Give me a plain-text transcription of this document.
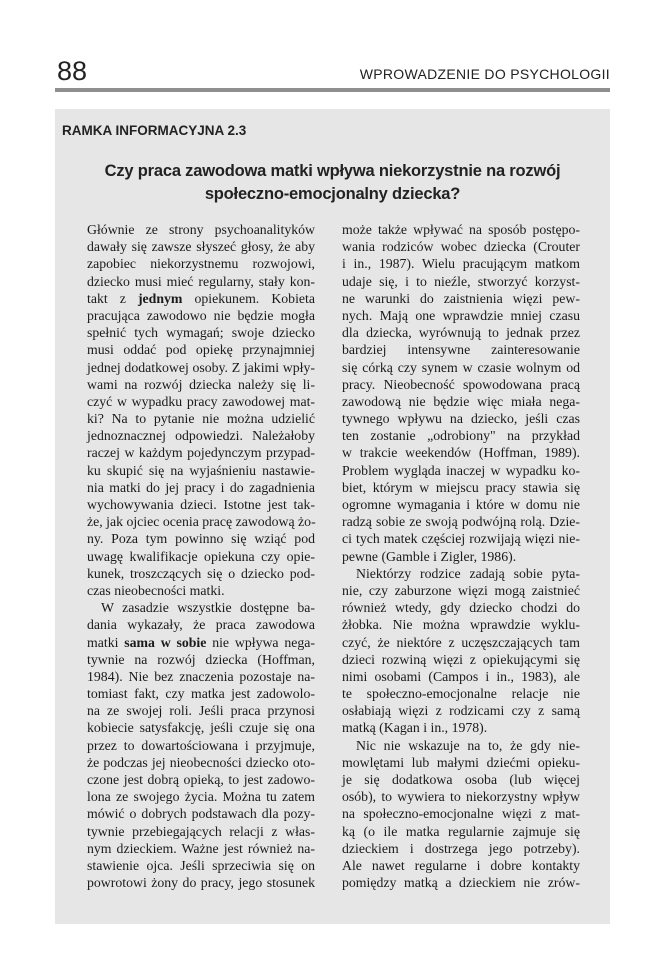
88	WPROWADZENIE DO PSYCHOLOGII
RAMKA INFORMACYJNA 2.3
Czy praca zawodowa matki wpływa niekorzystnie na rozwój
społeczno-emocjonalny dziecka?
Głównie ze strony psychoanalityków
dawały się zawsze słyszeć głosy, że aby
zapobiec niekorzystnemu rozwojowi,
dziecko musi mieć regularny, stały kon-
takt z jednym opiekunem. Kobieta
pracująca zawodowo nie będzie mogła
spełnić tych wymagań; swoje dziecko
musi oddać pod opiekę przynajmniej
jednej dodatkowej osoby. Z jakimi wpły-
wami na rozwój dziecka należy się li-
czyć w wypadku pracy zawodowej mat-
ki? Na to pytanie nie można udzielić
jednoznacznej odpowiedzi. Należałoby
raczej w każdym pojedynczym przypad-
ku skupić się na wyjaśnieniu nastawie-
nia matki do jej pracy i do zagadnienia
wychowywania dzieci. Istotne jest tak-
że, jak ojciec ocenia pracę zawodową żo-
ny. Poza tym powinno się wziąć pod
uwagę kwalifikacje opiekuna czy opie-
kunek, troszczących się o dziecko pod-
czas nieobecności matki.
W zasadzie wszystkie dostępne ba-
dania wykazały, że praca zawodowa
matki sama w sobie nie wpływa nega-
tywnie na rozwój dziecka (Hoffman,
1984). Nie bez znaczenia pozostaje na-
tomiast fakt, czy matka jest zadowolo-
na ze swojej roli. Jeśli praca przynosi
kobiecie satysfakcję, jeśli czuje się ona
przez to dowartościowana i przyjmuje,
że podczas jej nieobecności dziecko oto-
czone jest dobrą opieką, to jest zadowo-
lona ze swojego życia. Można tu zatem
mówić o dobrych podstawach dla pozy-
tywnie przebiegających relacji z włas-
nym dzieckiem. Ważne jest również na-
stawienie ojca. Jeśli sprzeciwia się on
powrotowi żony do pracy, jego stosunek
może także wpływać na sposób postępo-
wania rodziców wobec dziecka (Crouter
i in., 1987). Wielu pracującym matkom
udaje się, i to nieźle, stworzyć korzyst-
ne warunki do zaistnienia więzi pew-
nych. Mają one wprawdzie mniej czasu
dla dziecka, wyrównują to jednak przez
bardziej intensywne zainteresowanie
się córką czy synem w czasie wolnym od
pracy. Nieobecność spowodowana pracą
zawodową nie będzie więc miała nega-
tywnego wpływu na dziecko, jeśli czas
ten zostanie „odrobiony" na przykład
w trakcie weekendów (Hoffman, 1989).
Problem wygląda inaczej w wypadku ko-
biet, którym w miejscu pracy stawia się
ogromne wymagania i które w domu nie
radzą sobie ze swoją podwójną rolą. Dzie-
ci tych matek częściej rozwijają więzi nie-
pewne (Gamble i Zigler, 1986).
Niektórzy rodzice zadają sobie pyta-
nie, czy zaburzone więzi mogą zaistnieć
również wtedy, gdy dziecko chodzi do
żłobka. Nie można wprawdzie wyklu-
czyć, że niektóre z uczęszczających tam
dzieci rozwiną więzi z opiekującymi się
nimi osobami (Campos i in., 1983), ale
te społeczno-emocjonalne relacje nie
osłabiają więzi z rodzicami czy z samą
matką (Kagan i in., 1978).
Nic nie wskazuje na to, że gdy nie-
mowlętami lub małymi dziećmi opieku-
je się dodatkowa osoba (lub więcej
osób), to wywiera to niekorzystny wpływ
na społeczno-emocjonalne więzi z mat-
ką (o ile matka regularnie zajmuje się
dzieckiem i dostrzega jego potrzeby).
Ale nawet regularne i dobre kontakty
pomiędzy matką a dzieckiem nie zrów-
